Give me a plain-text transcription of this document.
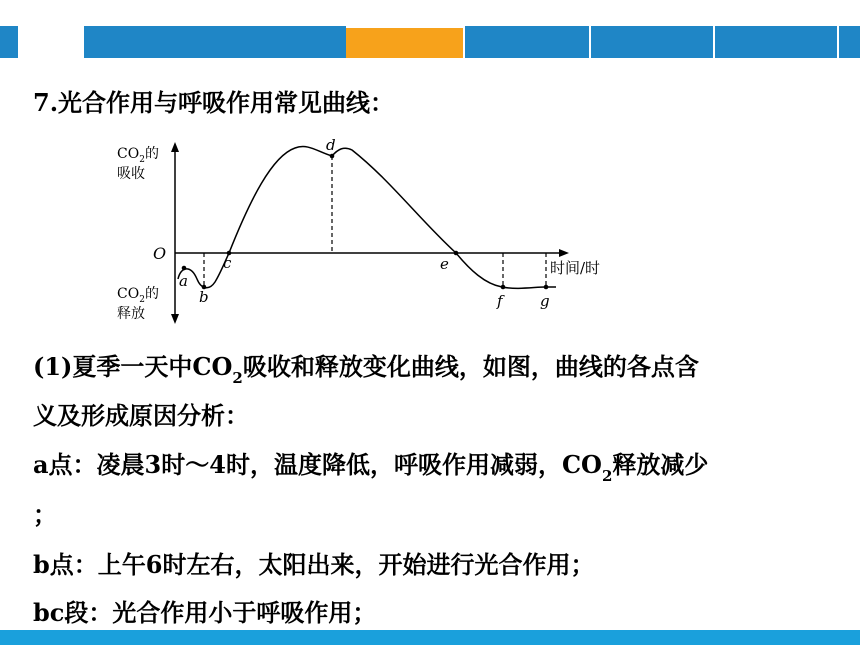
7.光合作用与呼吸作用常见曲线：
a
b
c
d
e
f g
O
$CO_2$的
吸收
$CO_2$的
释放
时间/时
(1)夏季一天中$CO_2$吸收和释放变化曲线，如图，曲线的各点含
义及形成原因分析：
a点：凌晨3时～4时，温度降低，呼吸作用减弱，$CO_2$释放减少
；
b点：上午6时左右，太阳出来，开始进行光合作用；
bc段：光合作用小于呼吸作用；
